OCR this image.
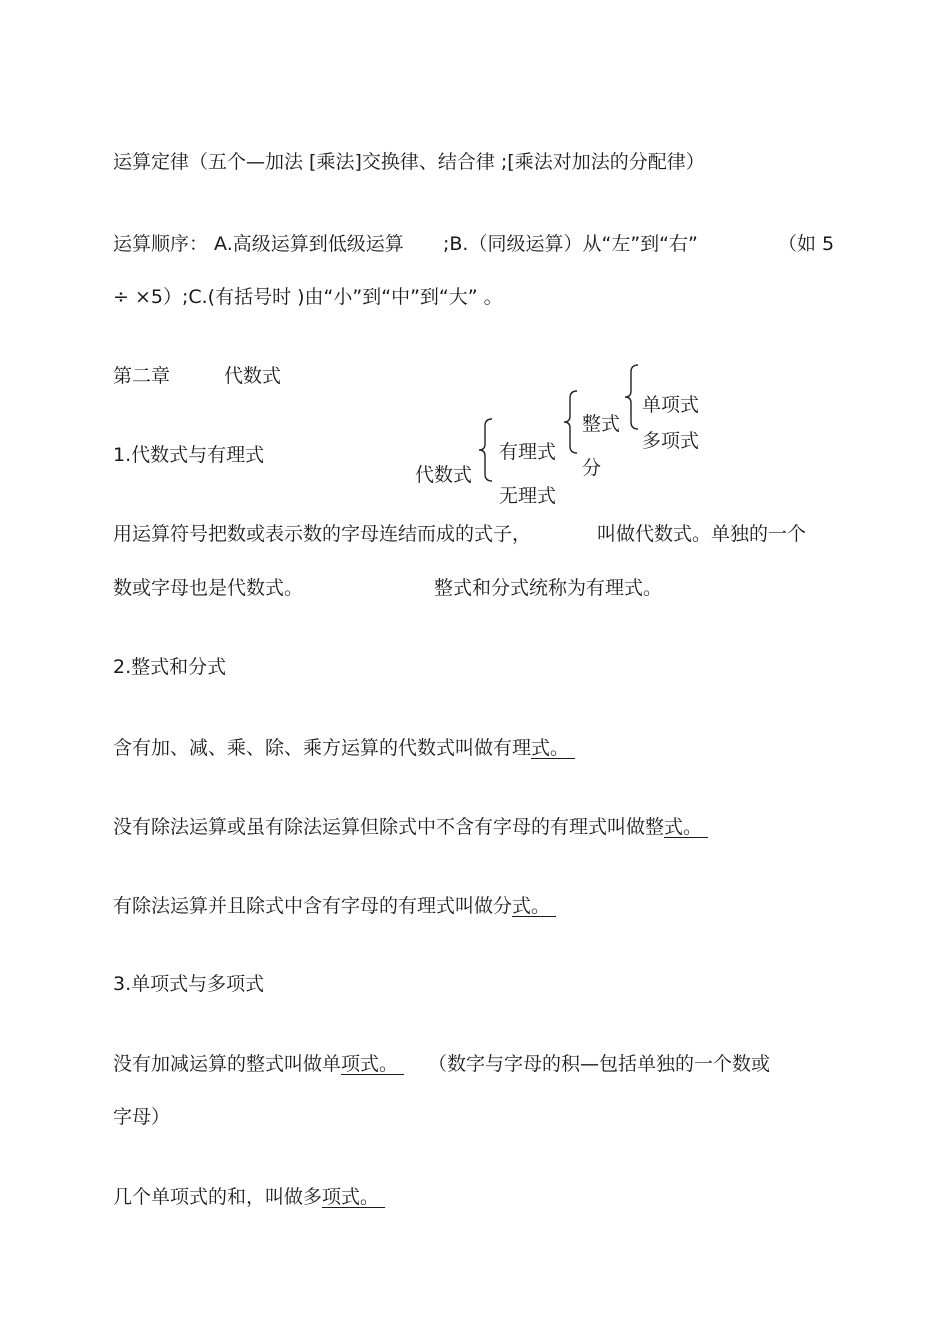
运算定律（五个—加法 [乘法]交换律、结合律 ;[乘法对加法的分配律）
运算顺序： A.高级运算到低级运算 ;B.（同级运算）从“左”到“右”	（如 5
÷ ×5）;C.(有括号时 )由“小”到“中”到“大” 。
第二章	代数式
1.代数式与有理式
代数式
有理式
无理式
整式
分
单项式
多项式
用运算符号把数或表示数的字母连结而成的式子，	叫做代数式。单独的一个
数或字母也是代数式。	整式和分式统称为有理式。
2.整式和分式
含有加、减、乘、除、乘方运算的代数式叫做有理式。
没有除法运算或虽有除法运算但除式中不含有字母的有理式叫做整式。
有除法运算并且除式中含有字母的有理式叫做分式。
3.单项式与多项式
没有加减运算的整式叫做单项式。 （数字与字母的积—包括单独的一个数或
字母）
几个单项式的和，叫做多项式。
